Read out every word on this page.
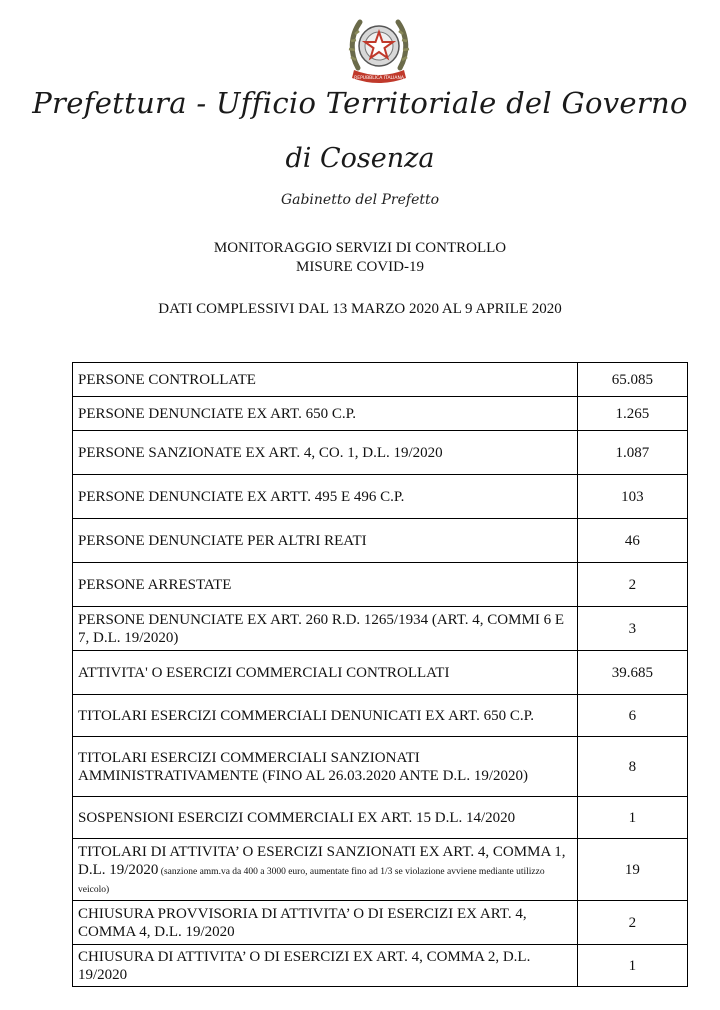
REPUBBLICA ITALIANA
Prefettura - Ufficio Territoriale del Governo
di Cosenza
Gabinetto del Prefetto
MONITORAGGIO SERVIZI DI CONTROLLO
MISURE COVID-19
DATI COMPLESSIVI DAL 13 MARZO 2020 AL 9 APRILE 2020
PERSONE CONTROLLATE	65.085
PERSONE DENUNCIATE EX ART. 650 C.P.	1.265
PERSONE SANZIONATE EX ART. 4, CO. 1, D.L. 19/2020	1.087
PERSONE DENUNCIATE EX ARTT. 495 E 496 C.P.	103
PERSONE DENUNCIATE PER ALTRI REATI	46
PERSONE ARRESTATE	2
PERSONE DENUNCIATE EX ART. 260 R.D. 1265/1934 (ART. 4, COMMI 6 E 7, D.L. 19/2020)	3
ATTIVITA' O ESERCIZI COMMERCIALI CONTROLLATI	39.685
TITOLARI ESERCIZI COMMERCIALI DENUNICATI EX ART. 650 C.P.	6
TITOLARI ESERCIZI COMMERCIALI SANZIONATI AMMINISTRATIVAMENTE (FINO AL 26.03.2020 ANTE D.L. 19/2020)	8
SOSPENSIONI ESERCIZI COMMERCIALI EX ART. 15 D.L. 14/2020	1
TITOLARI DI ATTIVITA’ O ESERCIZI SANZIONATI EX ART. 4, COMMA 1, D.L. 19/2020 (sanzione amm.va da 400 a 3000 euro, aumentate fino ad 1/3 se violazione avviene mediante utilizzo veicolo)	19
CHIUSURA PROVVISORIA DI ATTIVITA’ O DI ESERCIZI EX ART. 4, COMMA 4, D.L. 19/2020	2
CHIUSURA DI ATTIVITA’ O DI ESERCIZI EX ART. 4, COMMA 2, D.L. 19/2020	1
